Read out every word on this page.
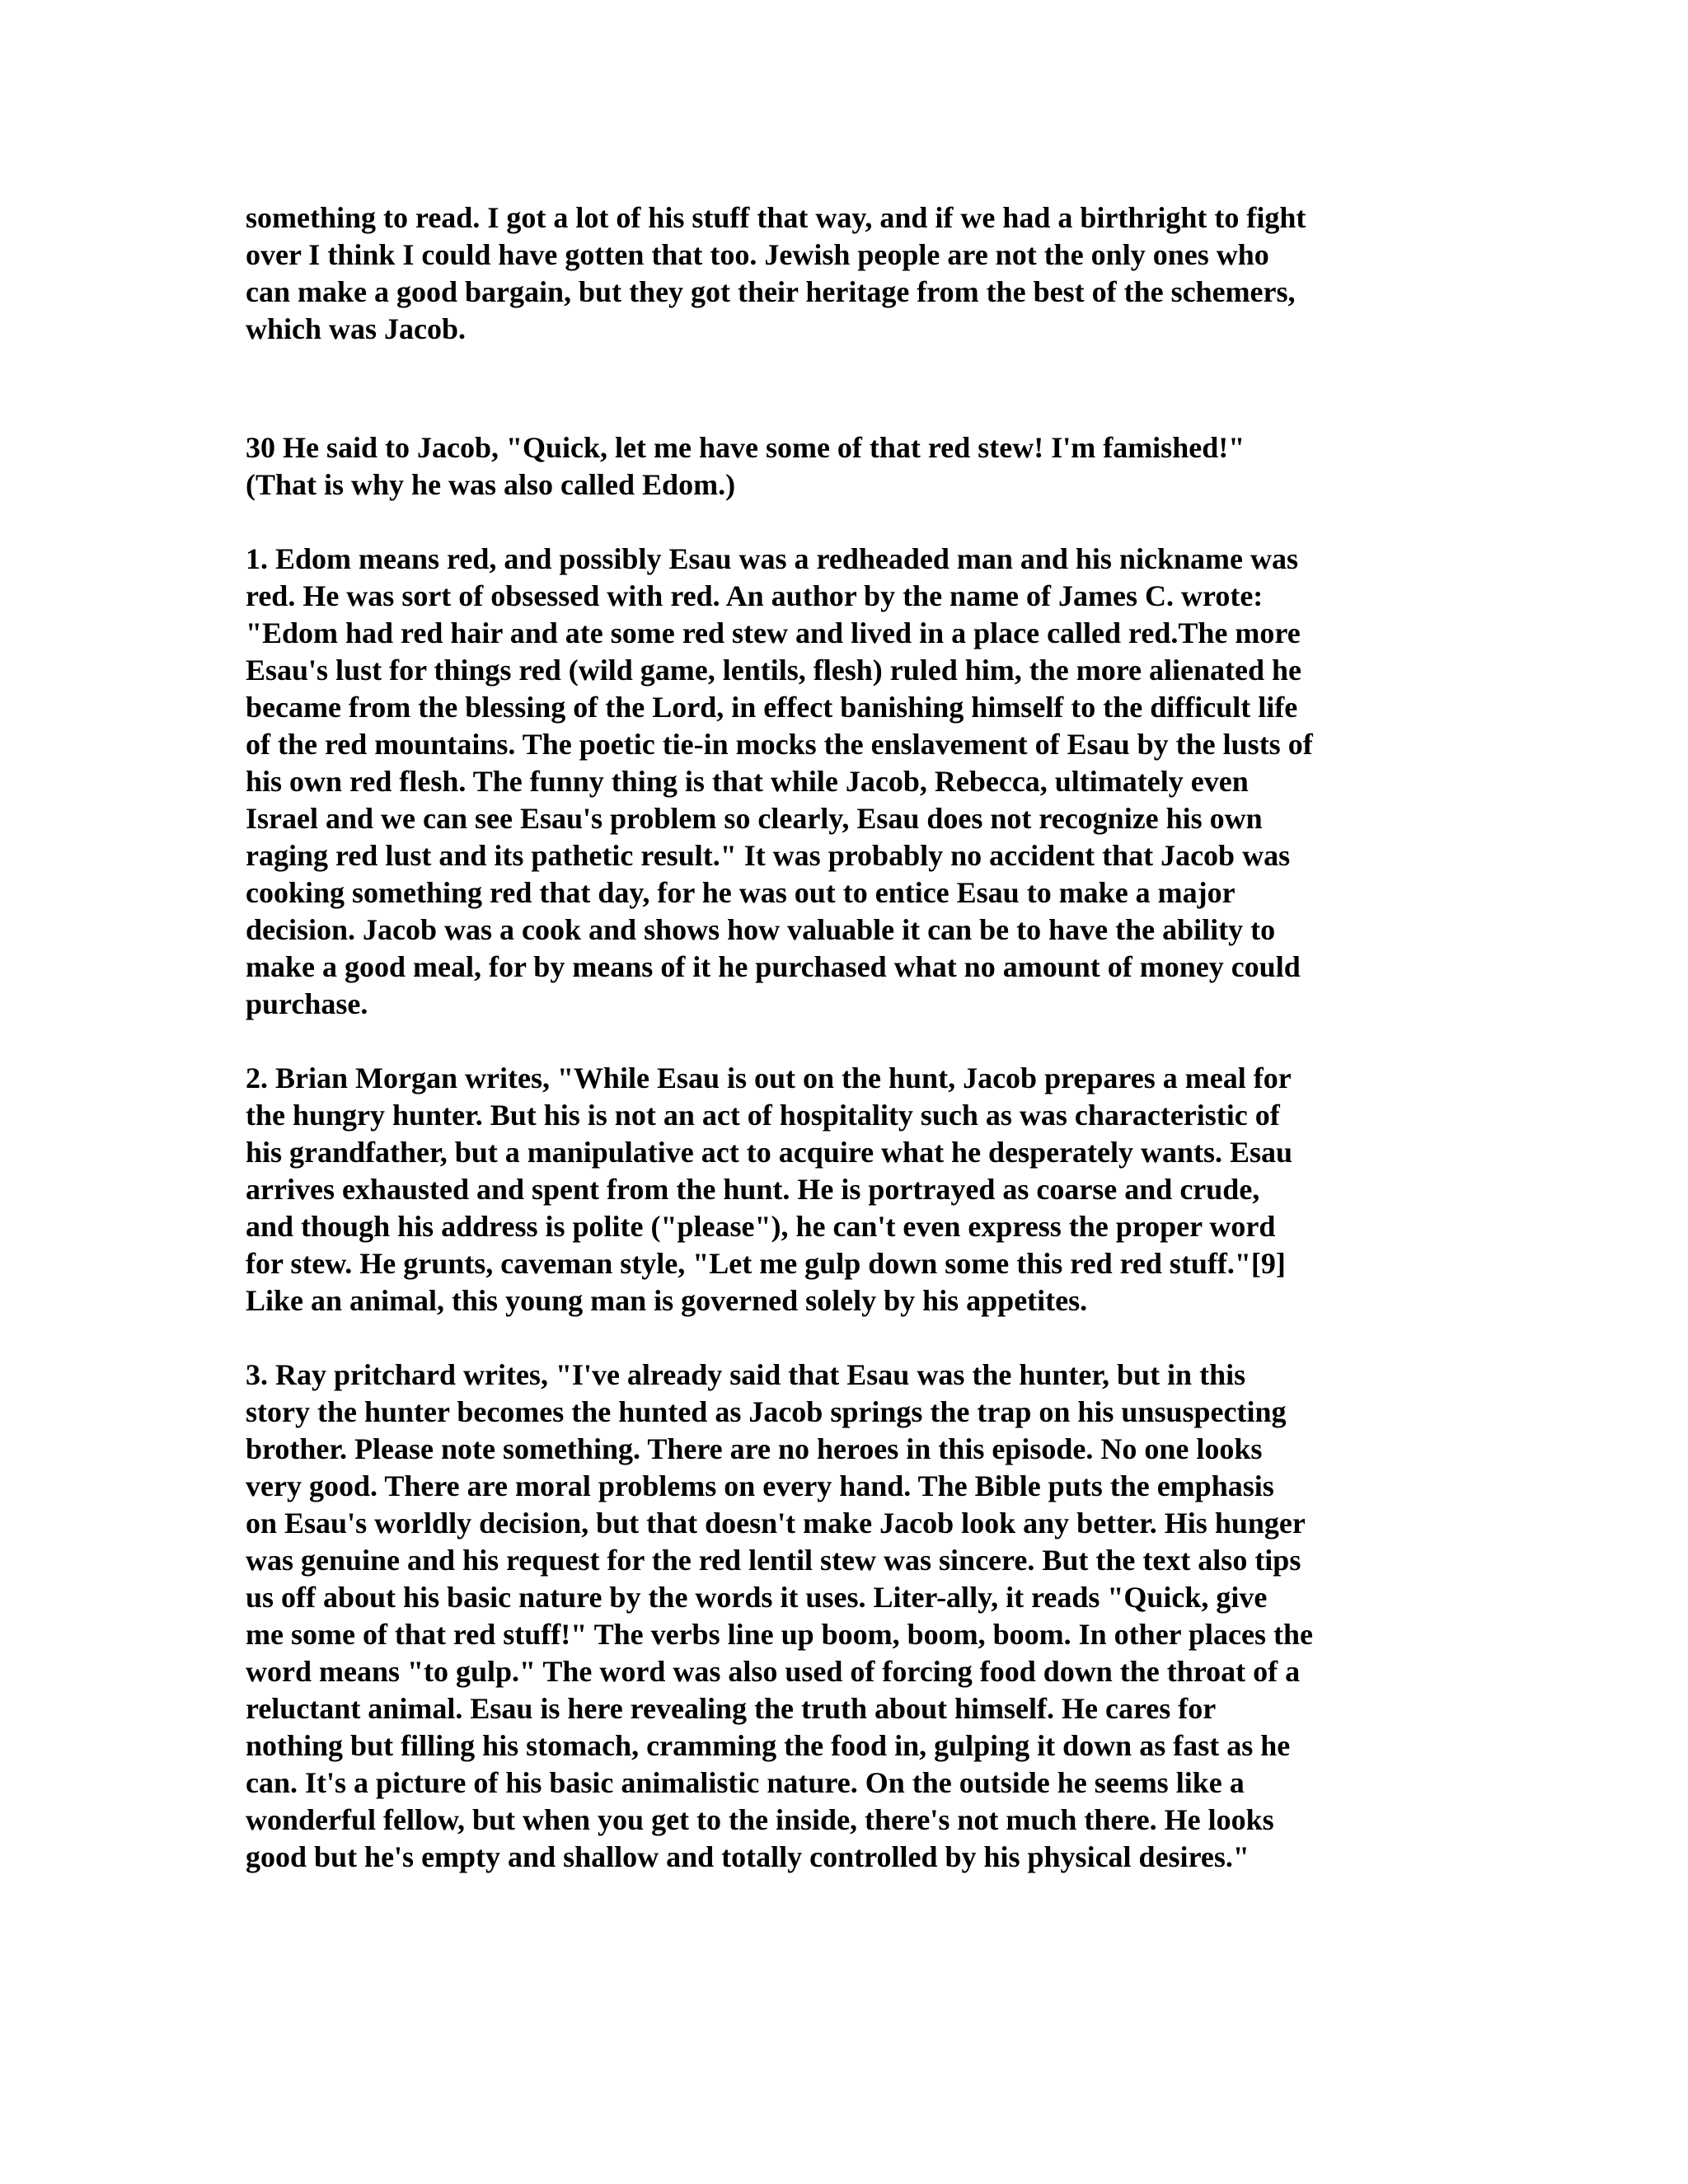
something to read. I got a lot of his stuff that way, and if we had a birthright to fight
over I think I could have gotten that too. Jewish people are not the only ones who
can make a good bargain, but they got their heritage from the best of the schemers,
which was Jacob.
30 He said to Jacob, "Quick, let me have some of that red stew! I'm famished!"
(That is why he was also called Edom.)
1. Edom means red, and possibly Esau was a redheaded man and his nickname was
red. He was sort of obsessed with red. An author by the name of James C. wrote:
"Edom had red hair and ate some red stew and lived in a place called red.The more
Esau's lust for things red (wild game, lentils, flesh) ruled him, the more alienated he
became from the blessing of the Lord, in effect banishing himself to the difficult life
of the red mountains. The poetic tie-in mocks the enslavement of Esau by the lusts of
his own red flesh. The funny thing is that while Jacob, Rebecca, ultimately even
Israel and we can see Esau's problem so clearly, Esau does not recognize his own
raging red lust and its pathetic result." It was probably no accident that Jacob was
cooking something red that day, for he was out to entice Esau to make a major
decision. Jacob was a cook and shows how valuable it can be to have the ability to
make a good meal, for by means of it he purchased what no amount of money could
purchase.
2. Brian Morgan writes, "While Esau is out on the hunt, Jacob prepares a meal for
the hungry hunter. But his is not an act of hospitality such as was characteristic of
his grandfather, but a manipulative act to acquire what he desperately wants. Esau
arrives exhausted and spent from the hunt. He is portrayed as coarse and crude,
and though his address is polite ("please"), he can't even express the proper word
for stew. He grunts, caveman style, "Let me gulp down some this red red stuff."[9]
Like an animal, this young man is governed solely by his appetites.
3. Ray pritchard writes, "I've already said that Esau was the hunter, but in this
story the hunter becomes the hunted as Jacob springs the trap on his unsuspecting
brother. Please note something. There are no heroes in this episode. No one looks
very good. There are moral problems on every hand. The Bible puts the emphasis
on Esau's worldly decision, but that doesn't make Jacob look any better. His hunger
was genuine and his request for the red lentil stew was sincere. But the text also tips
us off about his basic nature by the words it uses. Liter-ally, it reads "Quick, give
me some of that red stuff!" The verbs line up boom, boom, boom. In other places the
word means "to gulp." The word was also used of forcing food down the throat of a
reluctant animal. Esau is here revealing the truth about himself. He cares for
nothing but filling his stomach, cramming the food in, gulping it down as fast as he
can. It's a picture of his basic animalistic nature. On the outside he seems like a
wonderful fellow, but when you get to the inside, there's not much there. He looks
good but he's empty and shallow and totally controlled by his physical desires."
